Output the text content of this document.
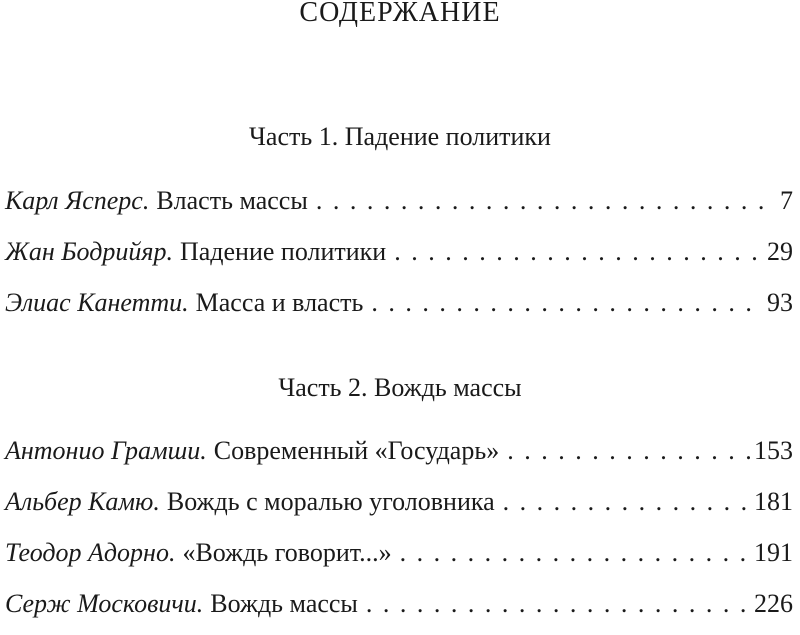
СОДЕРЖАНИЕ
Часть 1. Падение политики
Карл Ясперс. Власть массы . . .	7
Жан Бодрийяр. Падение политики . . .	29
Элиас Канетти. Масса и власть . . .	93
Часть 2. Вождь массы
Антонио Грамши. Современный «Государь» . . .	153
Альбер Камю. Вождь с моралью уголовника . . .	181
Теодор Адорно. «Вождь говорит...» . . .	191
Серж Московичи. Вождь массы . . .	226
